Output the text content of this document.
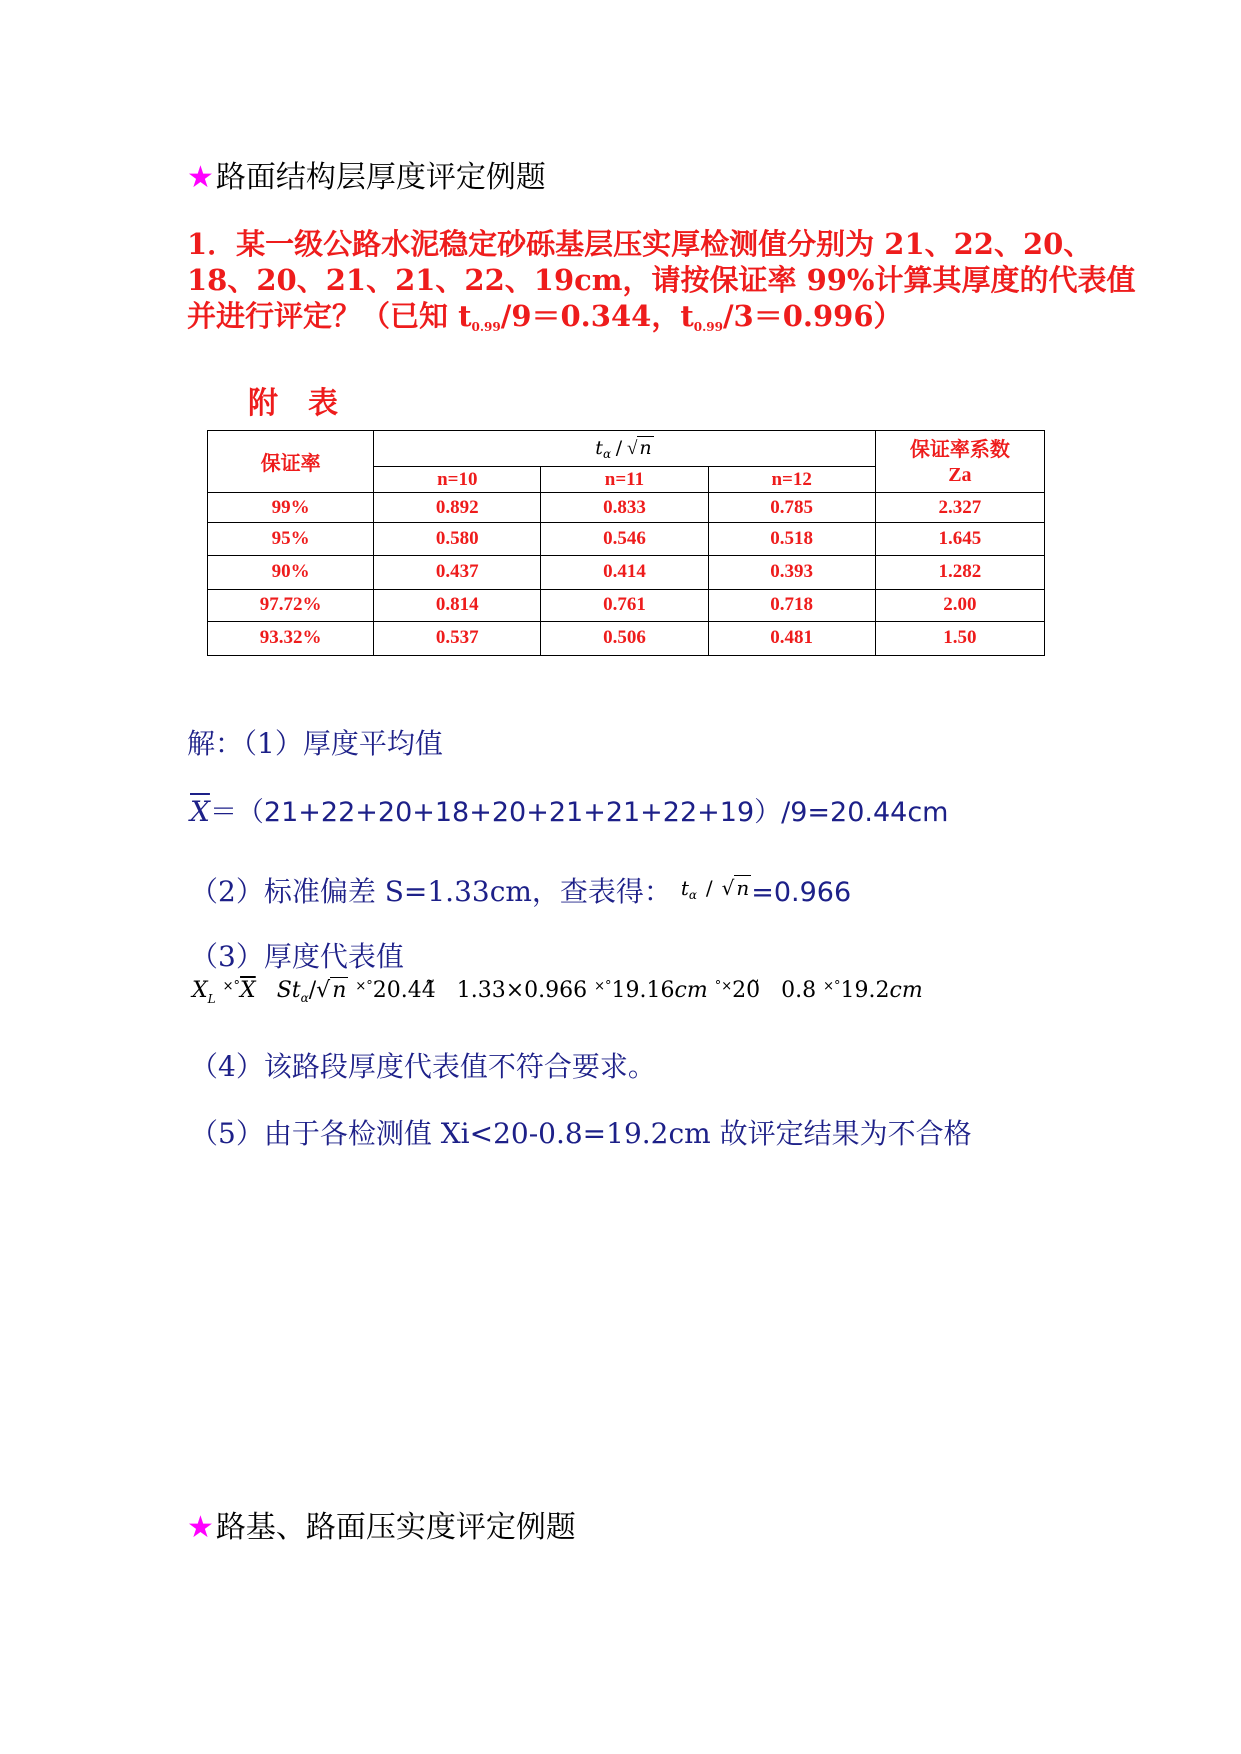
★路面结构层厚度评定例题
1．某一级公路水泥稳定砂砾基层压实厚检测值分别为 21、22、20、
18、20、21、21、22、19cm，请按保证率 99%计算其厚度的代表值
并进行评定？（已知 $t_{0.99}/9=0.344$，$t_{0.99}/3=0.996$）
附　表
保证率	$t_\alpha$ / √ n			保证率系数
Za

	n=10	n=11	n=12	
99%	0.892	0.833	0.785	2.327
95%	0.580	0.546	0.518	1.645
90%	0.437	0.414	0.393	1.282
97.72%	0.814	0.761	0.718	2.00
93.32%	0.537	0.506	0.481	1.50
解：（1）厚度平均值
$\overline{X}=(21+22+20+18+20+21+21+22+19)/9=20.44cm$
（2）标准偏差 S=1.33cm，查表得： $^t$α / √ $^n$=0.966
（3）厚度代表值
$X_L$ $^{\times^\circ}\overline{X}$ $St_\alpha/√n$ ×°20.44̃ 1.33×0.966 ×°19.16cm °×20̃ 0.8 ×°19.2cm
（4）该路段厚度代表值不符合要求。
（5）由于各检测值 Xi<20-0.8=19.2cm 故评定结果为不合格
★路基、路面压实度评定例题
